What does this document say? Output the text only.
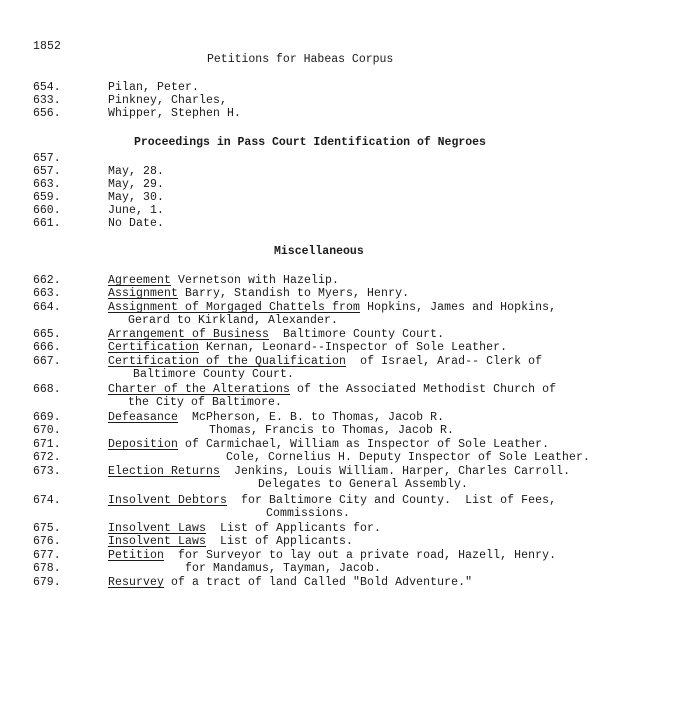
1852
Petitions for Habeas Corpus
654.	Pilan, Peter.
633.	Pinkney, Charles,
656.	Whipper, Stephen H.
Proceedings in Pass Court Identification of Negroes
657.
657.	May, 28.
663.	May, 29.
659.	May, 30.
660.	June, 1.
661.	No Date.
Miscellaneous
662.	Agreement Vernetson with Hazelip.
663.	Assignment Barry, Standish to Myers, Henry.
664.	Assignment of Morgaged Chattels from Hopkins, James and Hopkins,
Gerard to Kirkland, Alexander.
665.	Arrangement of Business Baltimore County Court.
666.	Certification Kernan, Leonard--Inspector of Sole Leather.
667.	Certification of the Qualification of Israel, Arad-- Clerk of
Baltimore County Court.
668.	Charter of the Alterations of the Associated Methodist Church of
the City of Baltimore.
669.	Defeasance McPherson, E. B. to Thomas, Jacob R.
670.	Thomas, Francis to Thomas, Jacob R.
671.	Deposition of Carmichael, William as Inspector of Sole Leather.
672.	Cole, Cornelius H. Deputy Inspector of Sole Leather.
673.	Election Returns Jenkins, Louis William. Harper, Charles Carroll.
Delegates to General Assembly.
674.	Insolvent Debtors for Baltimore City and County.  List of Fees,
Commissions.
675.	Insolvent Laws List of Applicants for.
676.	Insolvent Laws List of Applicants.
677.	Petition for Surveyor to lay out a private road, Hazell, Henry.
678.	for Mandamus, Tayman, Jacob.
679.	Resurvey of a tract of land Called "Bold Adventure."
